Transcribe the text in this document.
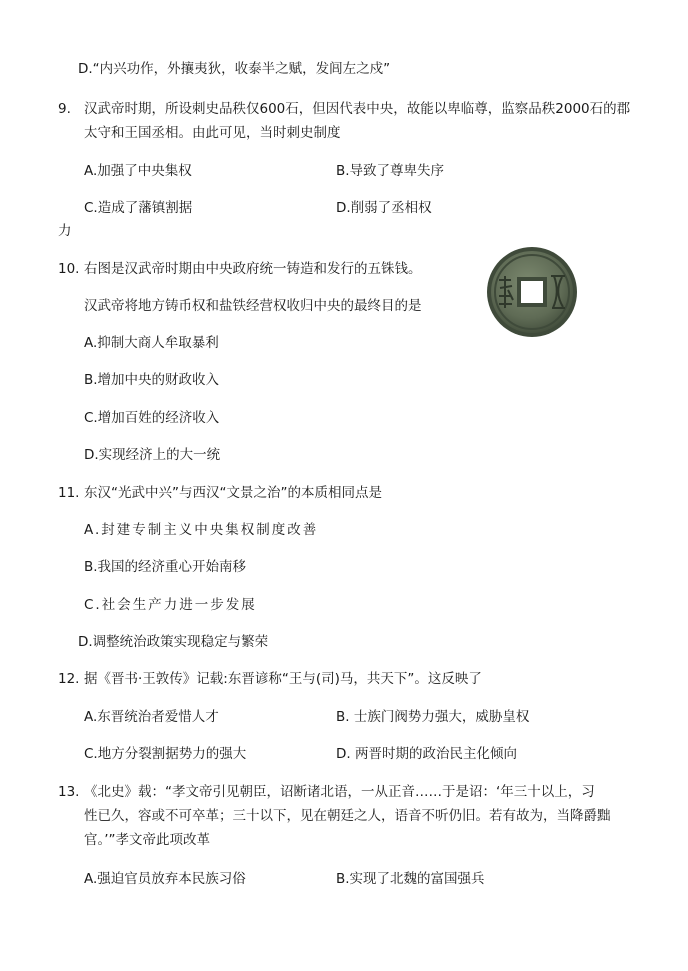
D.“内兴功作，外攘夷狄，收泰半之赋，发闾左之戍”
9. 汉武帝时期，所设刺史品秩仅600石，但因代表中央，故能以卑临尊，监察品秩2000石的郡
太守和王国丞相。由此可见，当时刺史制度
A.加强了中央集权	B.导致了尊卑失序
C.造成了藩镇割据	D.削弱了丞相权
力
10. 右图是汉武帝时期由中央政府统一铸造和发行的五铢钱。
汉武帝将地方铸币权和盐铁经营权收归中央的最终目的是
A.抑制大商人牟取暴利
B.增加中央的财政收入
C.增加百姓的经济收入
D.实现经济上的大一统
11. 东汉“光武中兴”与西汉“文景之治”的本质相同点是
A.封建专制主义中央集权制度改善
B.我国的经济重心开始南移
C.社会生产力进一步发展
D.调整统治政策实现稳定与繁荣
12. 据《晋书·王敦传》记载:东晋谚称“王与(司)马，共天下”。这反映了
A.东晋统治者爱惜人才	B. 士族门阀势力强大，威胁皇权
C.地方分裂割据势力的强大	D. 两晋时期的政治民主化倾向
13. 《北史》载：“孝文帝引见朝臣，诏断诸北语，一从正音……于是诏：‘年三十以上，习
性已久，容或不可卒革；三十以下，见在朝廷之人，语音不听仍旧。若有故为，当降爵黜
官。’”孝文帝此项改革
A.强迫官员放弃本民族习俗	B.实现了北魏的富国强兵
